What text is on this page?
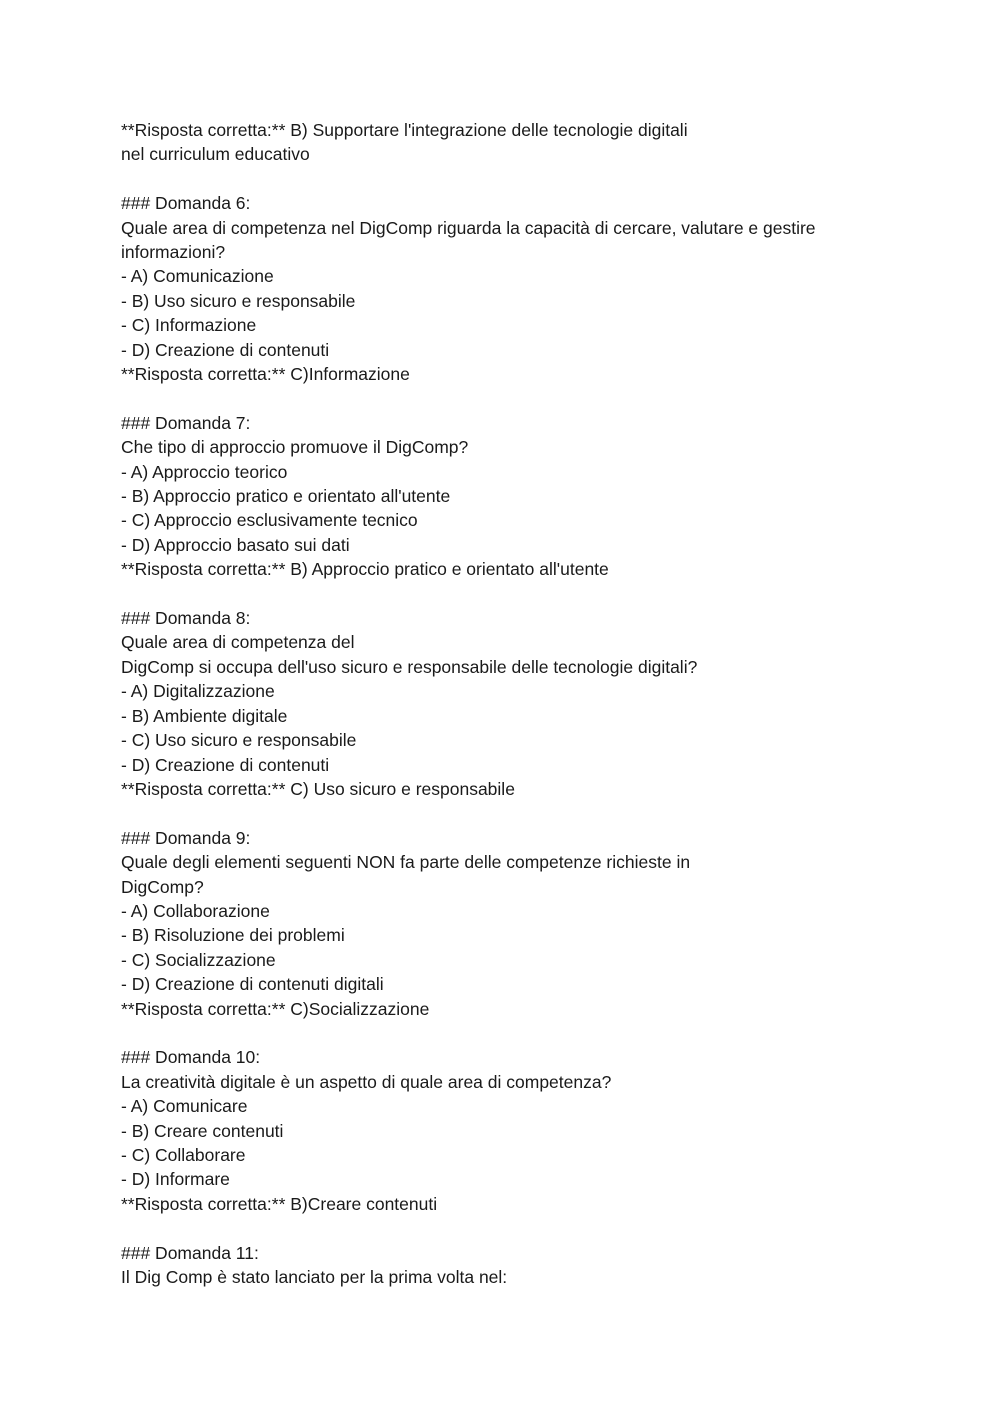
**Risposta corretta:** B) Supportare l'integrazione delle tecnologie digitali
nel curriculum educativo
### Domanda 6:
Quale area di competenza nel DigComp riguarda la capacità di cercare, valutare e gestire
informazioni?
- A) Comunicazione
- B) Uso sicuro e responsabile
- C) Informazione
- D) Creazione di contenuti
**Risposta corretta:** C)Informazione
### Domanda 7:
Che tipo di approccio promuove il DigComp?
- A) Approccio teorico
- B) Approccio pratico e orientato all'utente
- C) Approccio esclusivamente tecnico
- D) Approccio basato sui dati
**Risposta corretta:** B) Approccio pratico e orientato all'utente
### Domanda 8:
Quale area di competenza del
DigComp si occupa dell'uso sicuro e responsabile delle tecnologie digitali?
- A) Digitalizzazione
- B) Ambiente digitale
- C) Uso sicuro e responsabile
- D) Creazione di contenuti
**Risposta corretta:** C) Uso sicuro e responsabile
### Domanda 9:
Quale degli elementi seguenti NON fa parte delle competenze richieste in
DigComp?
- A) Collaborazione
- B) Risoluzione dei problemi
- C) Socializzazione
- D) Creazione di contenuti digitali
**Risposta corretta:** C)Socializzazione
### Domanda 10:
La creatività digitale è un aspetto di quale area di competenza?
- A) Comunicare
- B) Creare contenuti
- C) Collaborare
- D) Informare
**Risposta corretta:** B)Creare contenuti
### Domanda 11:
Il Dig Comp è stato lanciato per la prima volta nel:
